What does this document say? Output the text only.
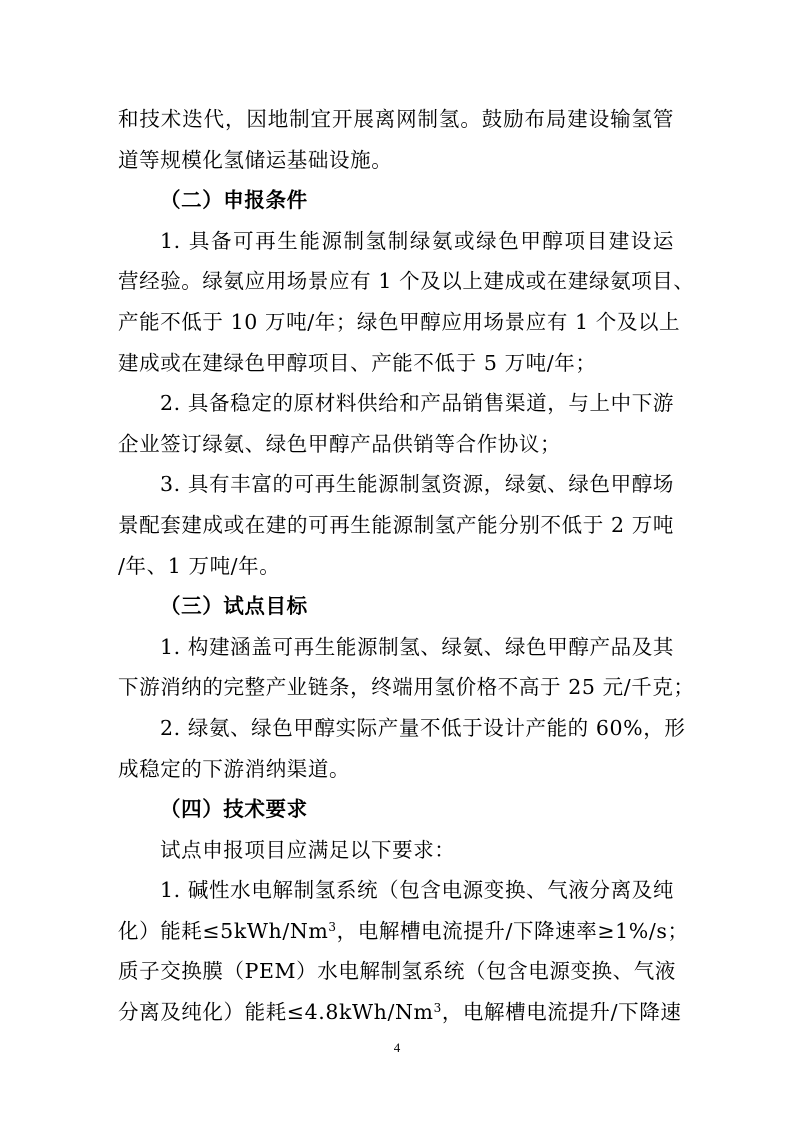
和技术迭代，因地制宜开展离网制氢。鼓励布局建设输氢管
道等规模化氢储运基础设施。
（二）申报条件
1. 具备可再生能源制氢制绿氨或绿色甲醇项目建设运
营经验。绿氨应用场景应有 1 个及以上建成或在建绿氨项目、
产能不低于 10 万吨/年；绿色甲醇应用场景应有 1 个及以上
建成或在建绿色甲醇项目、产能不低于 5 万吨/年；
2. 具备稳定的原材料供给和产品销售渠道，与上中下游
企业签订绿氨、绿色甲醇产品供销等合作协议；
3. 具有丰富的可再生能源制氢资源，绿氨、绿色甲醇场
景配套建成或在建的可再生能源制氢产能分别不低于 2 万吨
/年、1 万吨/年。
（三）试点目标
1. 构建涵盖可再生能源制氢、绿氨、绿色甲醇产品及其
下游消纳的完整产业链条，终端用氢价格不高于 25 元/千克；
2. 绿氨、绿色甲醇实际产量不低于设计产能的 60%，形
成稳定的下游消纳渠道。
（四）技术要求
试点申报项目应满足以下要求：
1. 碱性水电解制氢系统（包含电源变换、气液分离及纯
化）能耗$\le 5kWh/Nm^3$，电解槽电流提升/下降速率≥1%/s；
质子交换膜（PEM）水电解制氢系统（包含电源变换、气液
分离及纯化）能耗$\le 4.8kWh/Nm^3$，电解槽电流提升/下降速
4
